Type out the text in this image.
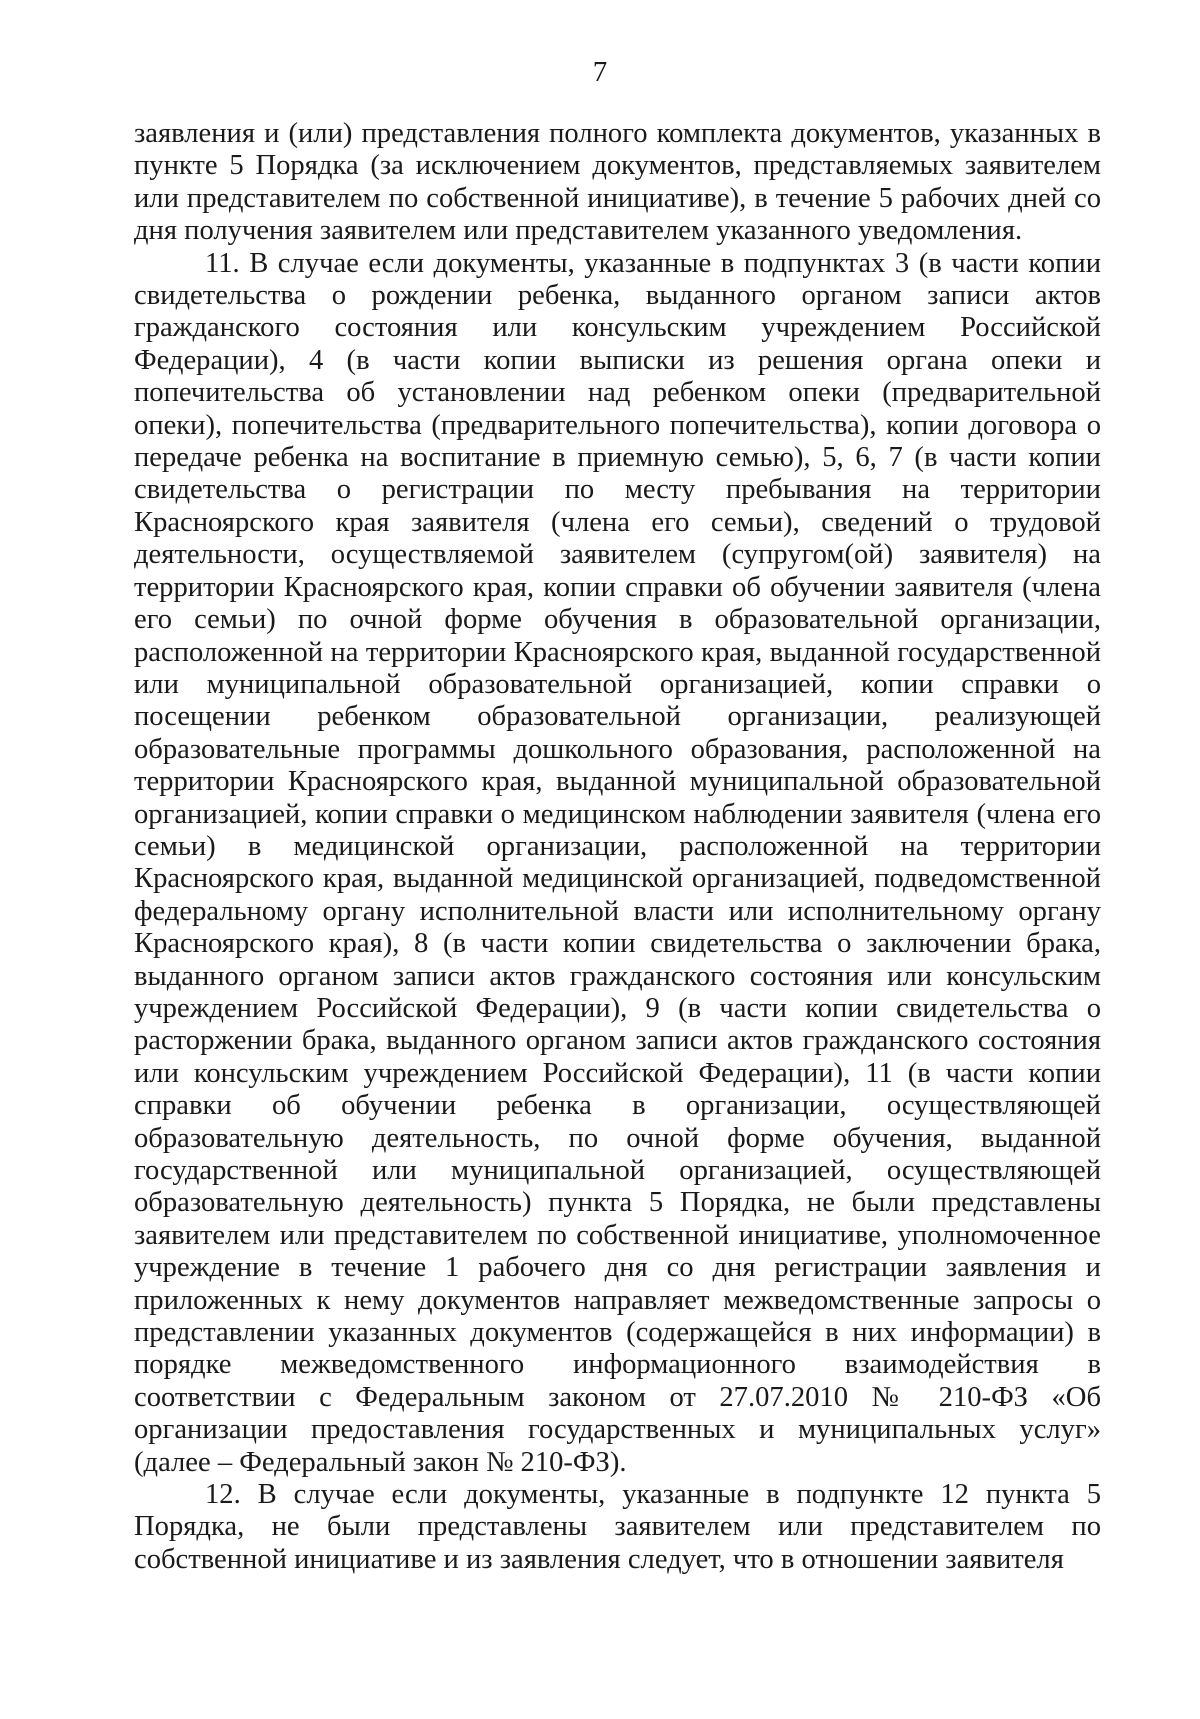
7

заявления и (или) представления полного комплекта документов, указанных в пункте 5 Порядка (за исключением документов, представляемых заявителем или представителем по собственной инициативе), в течение 5 рабочих дней со дня получения заявителем или представителем указанного уведомления.

11. В случае если документы, указанные в подпунктах 3 (в части копии свидетельства о рождении ребенка, выданного органом записи актов гражданского состояния или консульским учреждением Российской Федерации), 4 (в части копии выписки из решения органа опеки и попечительства об установлении над ребенком опеки (предварительной опеки), попечительства (предварительного попечительства), копии договора о передаче ребенка на воспитание в приемную семью), 5, 6, 7 (в части копии свидетельства о регистрации по месту пребывания на территории Красноярского края заявителя (члена его семьи), сведений о трудовой деятельности, осуществляемой заявителем (супругом(ой) заявителя) на территории Красноярского края, копии справки об обучении заявителя (члена его семьи) по очной форме обучения в образовательной организации, расположенной на территории Красноярского края, выданной государственной или муниципальной образовательной организацией, копии справки о посещении ребенком образовательной организации, реализующей образовательные программы дошкольного образования, расположенной на территории Красноярского края, выданной муниципальной образовательной организацией, копии справки о медицинском наблюдении заявителя (члена его семьи) в медицинской организации, расположенной на территории Красноярского края, выданной медицинской организацией, подведомственной федеральному органу исполнительной власти или исполнительному органу Красноярского края), 8 (в части копии свидетельства о заключении брака, выданного органом записи актов гражданского состояния или консульским учреждением Российской Федерации), 9 (в части копии свидетельства о расторжении брака, выданного органом записи актов гражданского состояния или консульским учреждением Российской Федерации), 11 (в части копии справки об обучении ребенка в организации, осуществляющей образовательную деятельность, по очной форме обучения, выданной государственной или муниципальной организацией, осуществляющей образовательную деятельность) пункта 5 Порядка, не были представлены заявителем или представителем по собственной инициативе, уполномоченное учреждение в течение 1 рабочего дня со дня регистрации заявления и приложенных к нему документов направляет межведомственные запросы о представлении указанных документов (содержащейся в них информации) в порядке межведомственного информационного взаимодействия в соответствии с Федеральным законом от 27.07.2010 № 210-ФЗ «Об организации предоставления государственных и муниципальных услуг» (далее – Федеральный закон № 210-ФЗ).

12. В случае если документы, указанные в подпункте 12 пункта 5 Порядка, не были представлены заявителем или представителем по собственной инициативе и из заявления следует, что в отношении заявителя
